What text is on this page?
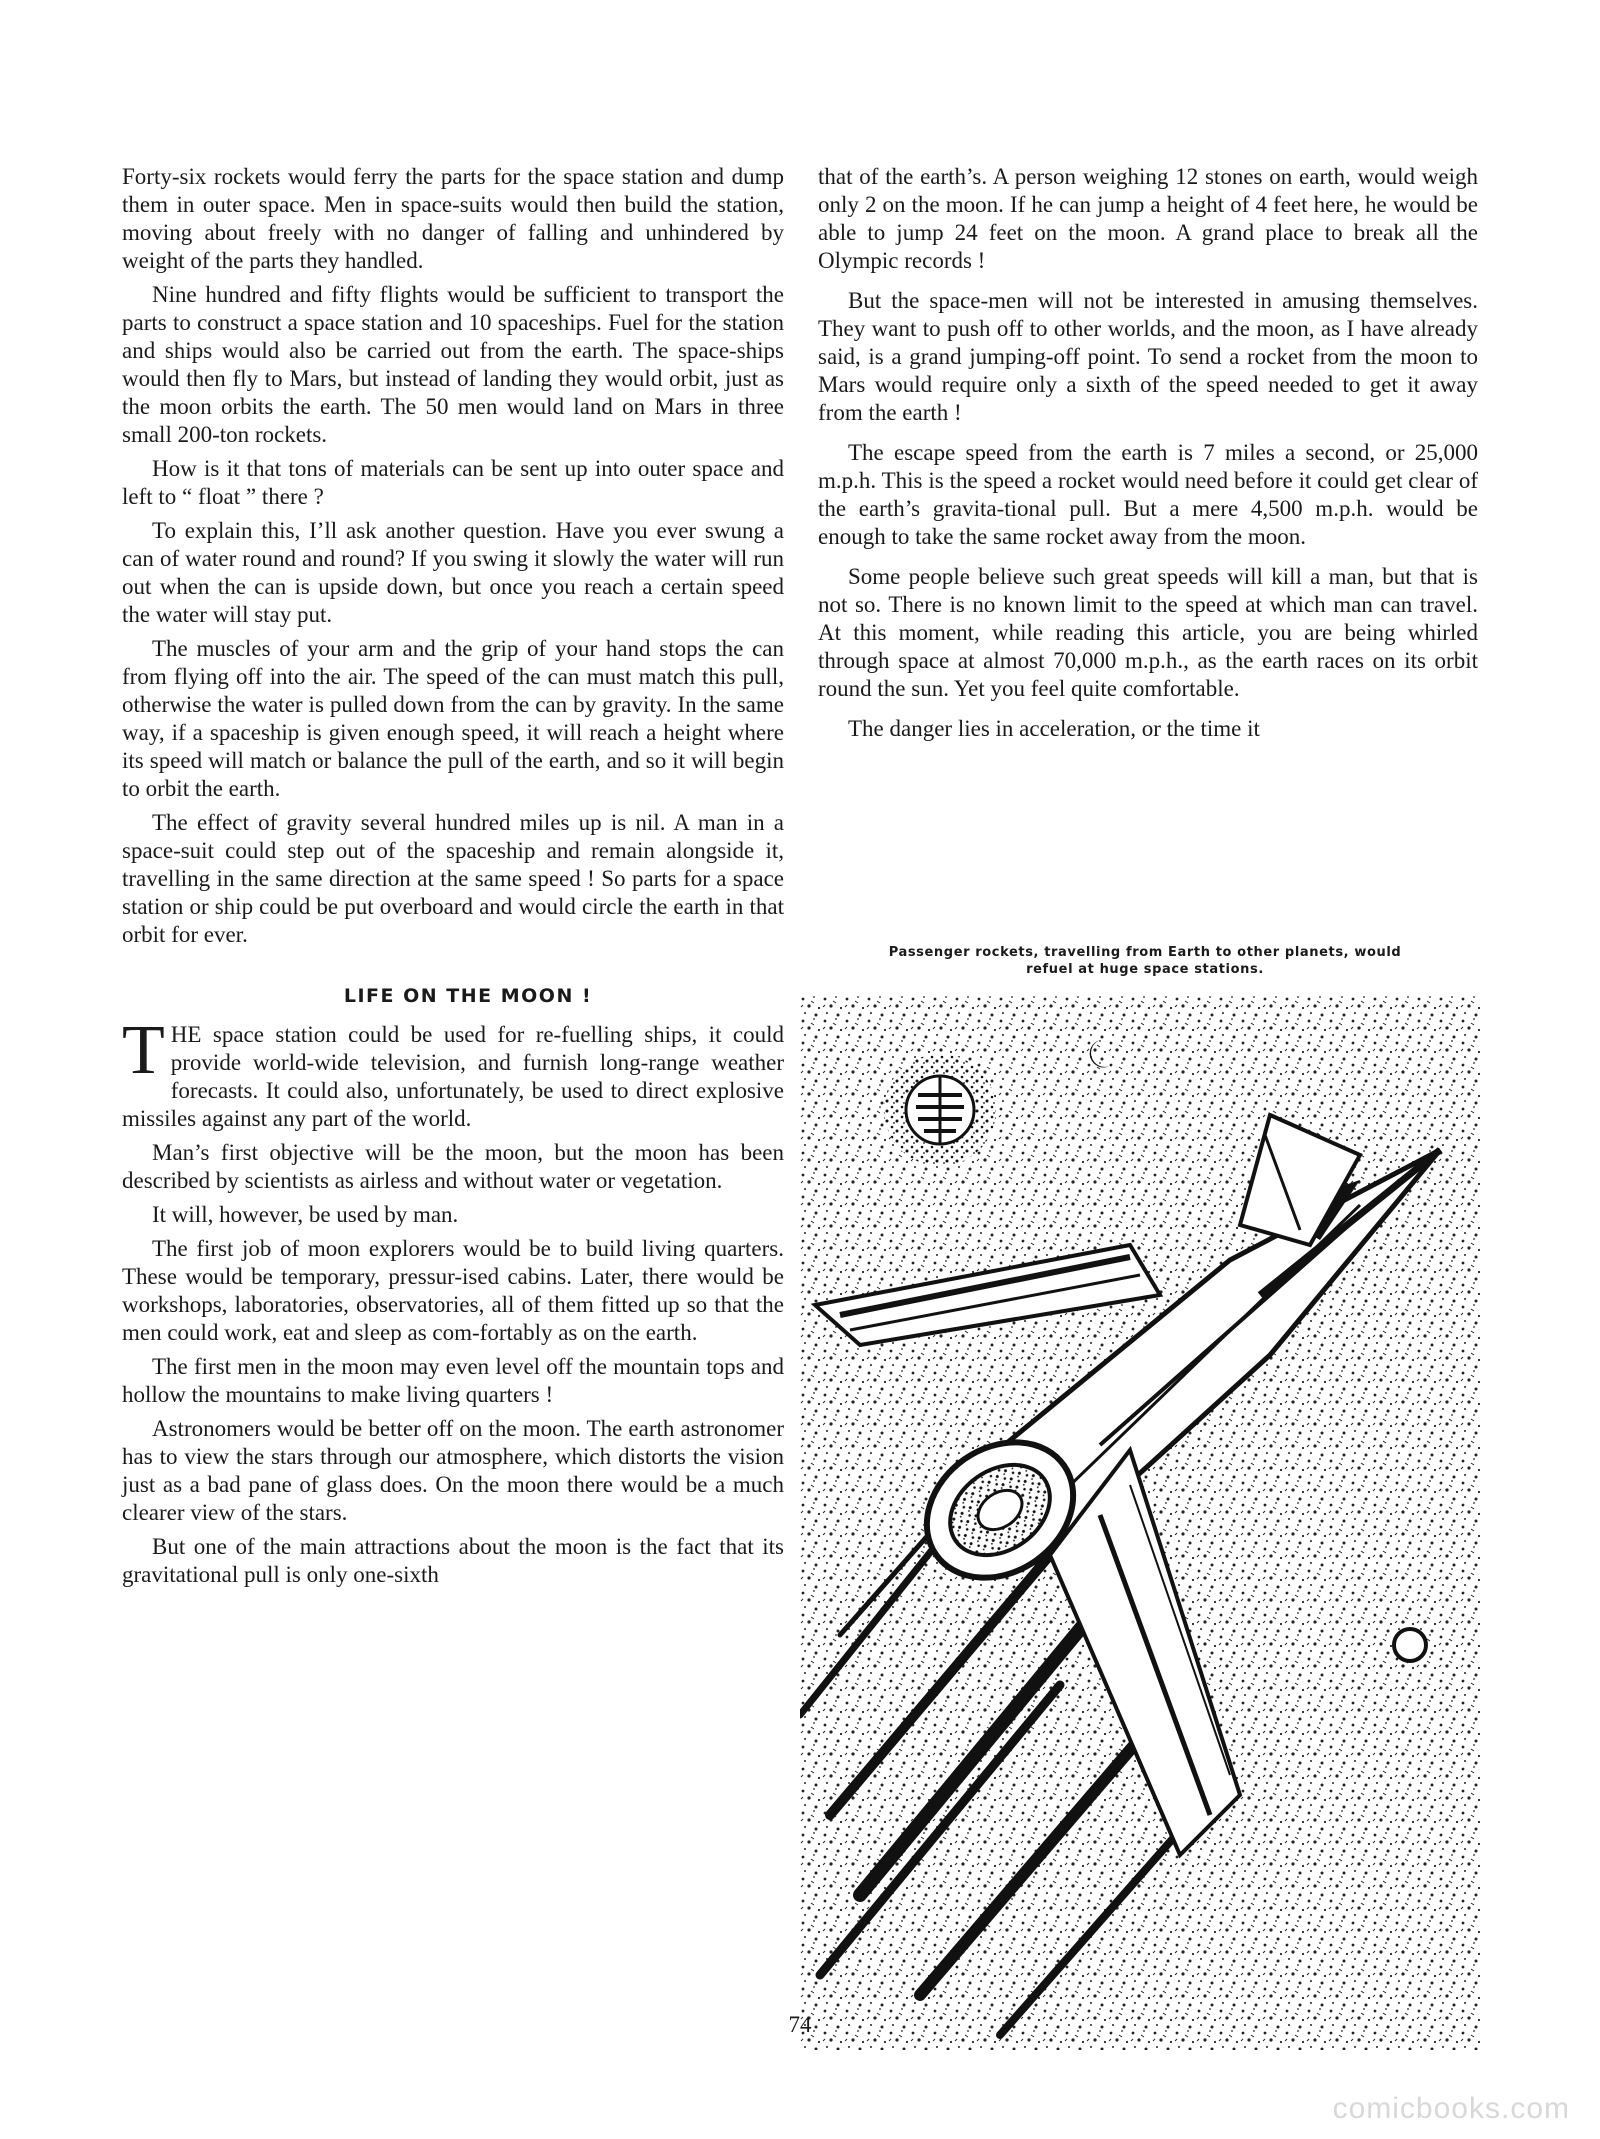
Forty-six rockets would ferry the parts for the space station and dump them in outer space. Men in space-suits would then build the station, moving about freely with no danger of falling and unhindered by weight of the parts they handled.

Nine hundred and fifty flights would be sufficient to transport the parts to construct a space station and 10 spaceships. Fuel for the station and ships would also be carried out from the earth. The space-ships would then fly to Mars, but instead of landing they would orbit, just as the moon orbits the earth. The 50 men would land on Mars in three small 200-ton rockets.

How is it that tons of materials can be sent up into outer space and left to “ float ” there ?

To explain this, I’ll ask another question. Have you ever swung a can of water round and round? If you swing it slowly the water will run out when the can is upside down, but once you reach a certain speed the water will stay put.

The muscles of your arm and the grip of your hand stops the can from flying off into the air. The speed of the can must match this pull, otherwise the water is pulled down from the can by gravity. In the same way, if a spaceship is given enough speed, it will reach a height where its speed will match or balance the pull of the earth, and so it will begin to orbit the earth.

The effect of gravity several hundred miles up is nil. A man in a space-suit could step out of the spaceship and remain alongside it, travelling in the same direction at the same speed ! So parts for a space station or ship could be put overboard and would circle the earth in that orbit for ever.

LIFE ON THE MOON !

T HE space station could be used for re-fuelling ships, it could provide world-wide television, and furnish long-range weather forecasts. It could also, unfortunately, be used to direct explosive missiles against any part of the world.

Man’s first objective will be the moon, but the moon has been described by scientists as airless and without water or vegetation.

It will, however, be used by man.

The first job of moon explorers would be to build living quarters. These would be temporary, pressur-ised cabins. Later, there would be workshops, laboratories, observatories, all of them fitted up so that the men could work, eat and sleep as com-fortably as on the earth.

The first men in the moon may even level off the mountain tops and hollow the mountains to make living quarters !

Astronomers would be better off on the moon. The earth astronomer has to view the stars through our atmosphere, which distorts the vision just as a bad pane of glass does. On the moon there would be a much clearer view of the stars.

But one of the main attractions about the moon is the fact that its gravitational pull is only one-sixth

that of the earth’s. A person weighing 12 stones on earth, would weigh only 2 on the moon. If he can jump a height of 4 feet here, he would be able to jump 24 feet on the moon. A grand place to break all the Olympic records !

But the space-men will not be interested in amusing themselves. They want to push off to other worlds, and the moon, as I have already said, is a grand jumping-off point. To send a rocket from the moon to Mars would require only a sixth of the speed needed to get it away from the earth !

The escape speed from the earth is 7 miles a second, or 25,000 m.p.h. This is the speed a rocket would need before it could get clear of the earth’s gravita-tional pull. But a mere 4,500 m.p.h. would be enough to take the same rocket away from the moon.

Some people believe such great speeds will kill a man, but that is not so. There is no known limit to the speed at which man can travel. At this moment, while reading this article, you are being whirled through space at almost 70,000 m.p.h., as the earth races on its orbit round the sun. Yet you feel quite comfortable.

The danger lies in acceleration, or the time it

Passenger rockets, travelling from Earth to other planets, would
refuel at huge space stations.
74
comicbooks.com
